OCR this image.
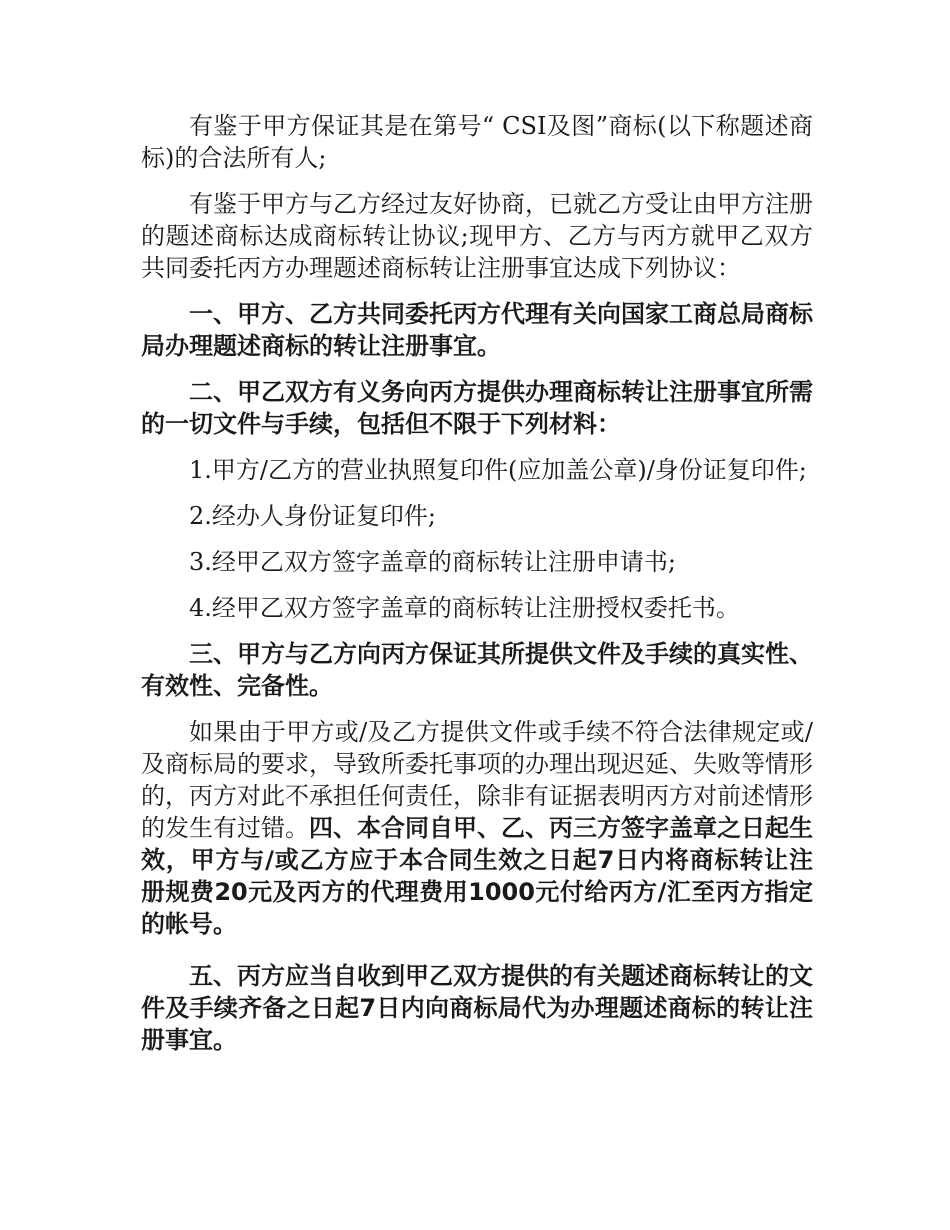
有鉴于甲方保证其是在第号“ CSI及图”商标(以下称题述商标)的合法所有人;

有鉴于甲方与乙方经过友好协商，已就乙方受让由甲方注册的题述商标达成商标转让协议;现甲方、乙方与丙方就甲乙双方共同委托丙方办理题述商标转让注册事宜达成下列协议：

一、甲方、乙方共同委托丙方代理有关向国家工商总局商标局办理题述商标的转让注册事宜。

二、甲乙双方有义务向丙方提供办理商标转让注册事宜所需的一切文件与手续，包括但不限于下列材料：

1.甲方/乙方的营业执照复印件(应加盖公章)/身份证复印件;

2.经办人身份证复印件;

3.经甲乙双方签字盖章的商标转让注册申请书;

4.经甲乙双方签字盖章的商标转让注册授权委托书。

三、甲方与乙方向丙方保证其所提供文件及手续的真实性、有效性、完备性。

如果由于甲方或/及乙方提供文件或手续不符合法律规定或/及商标局的要求，导致所委托事项的办理出现迟延、失败等情形的，丙方对此不承担任何责任，除非有证据表明丙方对前述情形的发生有过错。四、本合同自甲、乙、丙三方签字盖章之日起生效，甲方与/或乙方应于本合同生效之日起7日内将商标转让注册规费20元及丙方的代理费用1000元付给丙方/汇至丙方指定的帐号。

五、丙方应当自收到甲乙双方提供的有关题述商标转让的文件及手续齐备之日起7日内向商标局代为办理题述商标的转让注册事宜。
